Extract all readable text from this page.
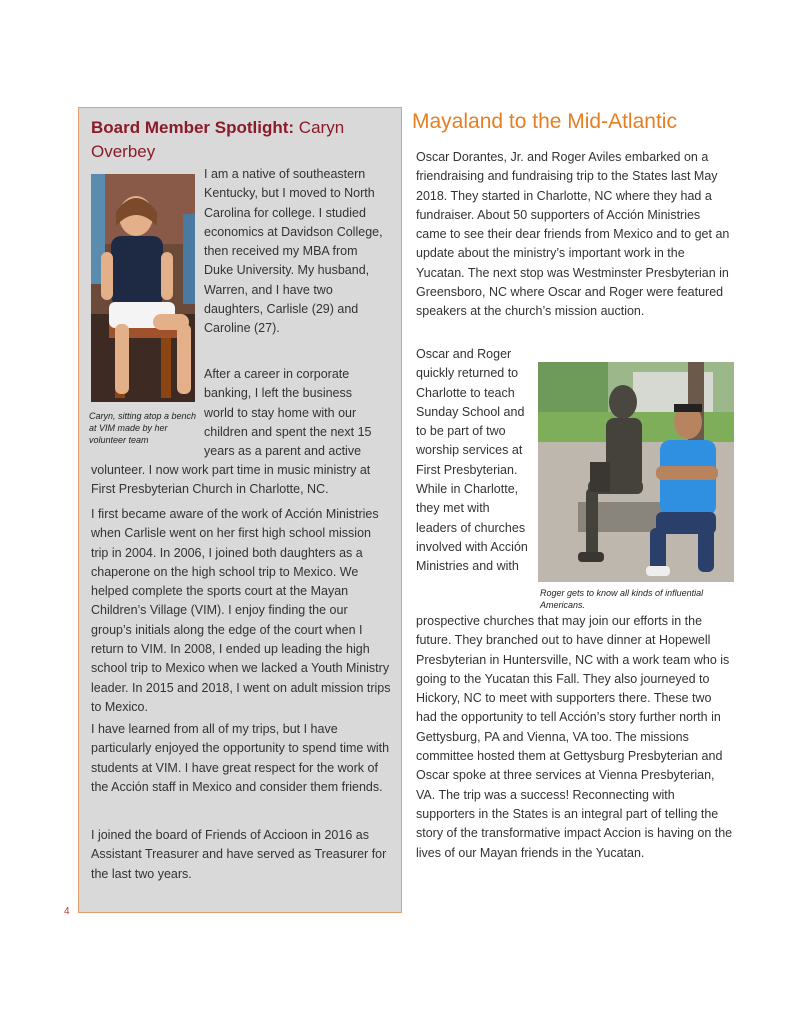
Board Member Spotlight: Caryn Overbey
Caryn, sitting atop a bench at VIM made by her volunteer team
I am a native of southeastern Kentucky, but I moved to North Carolina for college. I studied economics at Davidson College, then received my MBA from Duke University. My husband, Warren, and I have two daughters, Carlisle (29) and Caroline (27).
After a career in corporate banking, I left the business world to stay home with our children and spent the next 15 years as a parent and active
volunteer. I now work part time in music ministry at First Presbyterian Church in Charlotte, NC.
I first became aware of the work of Acción Ministries when Carlisle went on her first high school mission trip in 2004. In 2006, I joined both daughters as a chaperone on the high school trip to Mexico. We helped complete the sports court at the Mayan Children’s Village (VIM). I enjoy finding the our group’s initials along the edge of the court when I return to VIM. In 2008, I ended up leading the high school trip to Mexico when we lacked a Youth Ministry leader. In 2015 and 2018, I went on adult mission trips to Mexico.
I have learned from all of my trips, but I have particularly enjoyed the opportunity to spend time with students at VIM. I have great respect for the work of the Acción staff in Mexico and consider them friends.
I joined the board of Friends of Accioon in 2016 as Assistant Treasurer and have served as Treasurer for the last two years.
4
Mayaland to the Mid-Atlantic
Oscar Dorantes, Jr. and Roger Aviles embarked on a friendraising and fundraising trip to the States last May 2018. They started in Charlotte, NC where they had a fundraiser. About 50 supporters of Acción Ministries came to see their dear friends from Mexico and to get an update about the ministry’s important work in the Yucatan. The next stop was Westminster Presbyterian in Greensboro, NC where Oscar and Roger were featured speakers at the church’s mission auction.
Oscar and Roger quickly returned to Charlotte to teach Sunday School and to be part of two worship services at First Presbyterian. While in Charlotte, they met with leaders of churches involved with Acción Ministries and with
Roger gets to know all kinds of influential Americans.
prospective churches that may join our efforts in the future. They branched out to have dinner at Hopewell Presbyterian in Huntersville, NC with a work team who is going to the Yucatan this Fall. They also journeyed to Hickory, NC to meet with supporters there. These two had the opportunity to tell Acción’s story further north in Gettysburg, PA and Vienna, VA too. The missions committee hosted them at Gettysburg Presbyterian and Oscar spoke at three services at Vienna Presbyterian, VA. The trip was a success! Reconnecting with supporters in the States is an integral part of telling the story of the transformative impact Accion is having on the lives of our Mayan friends in the Yucatan.
